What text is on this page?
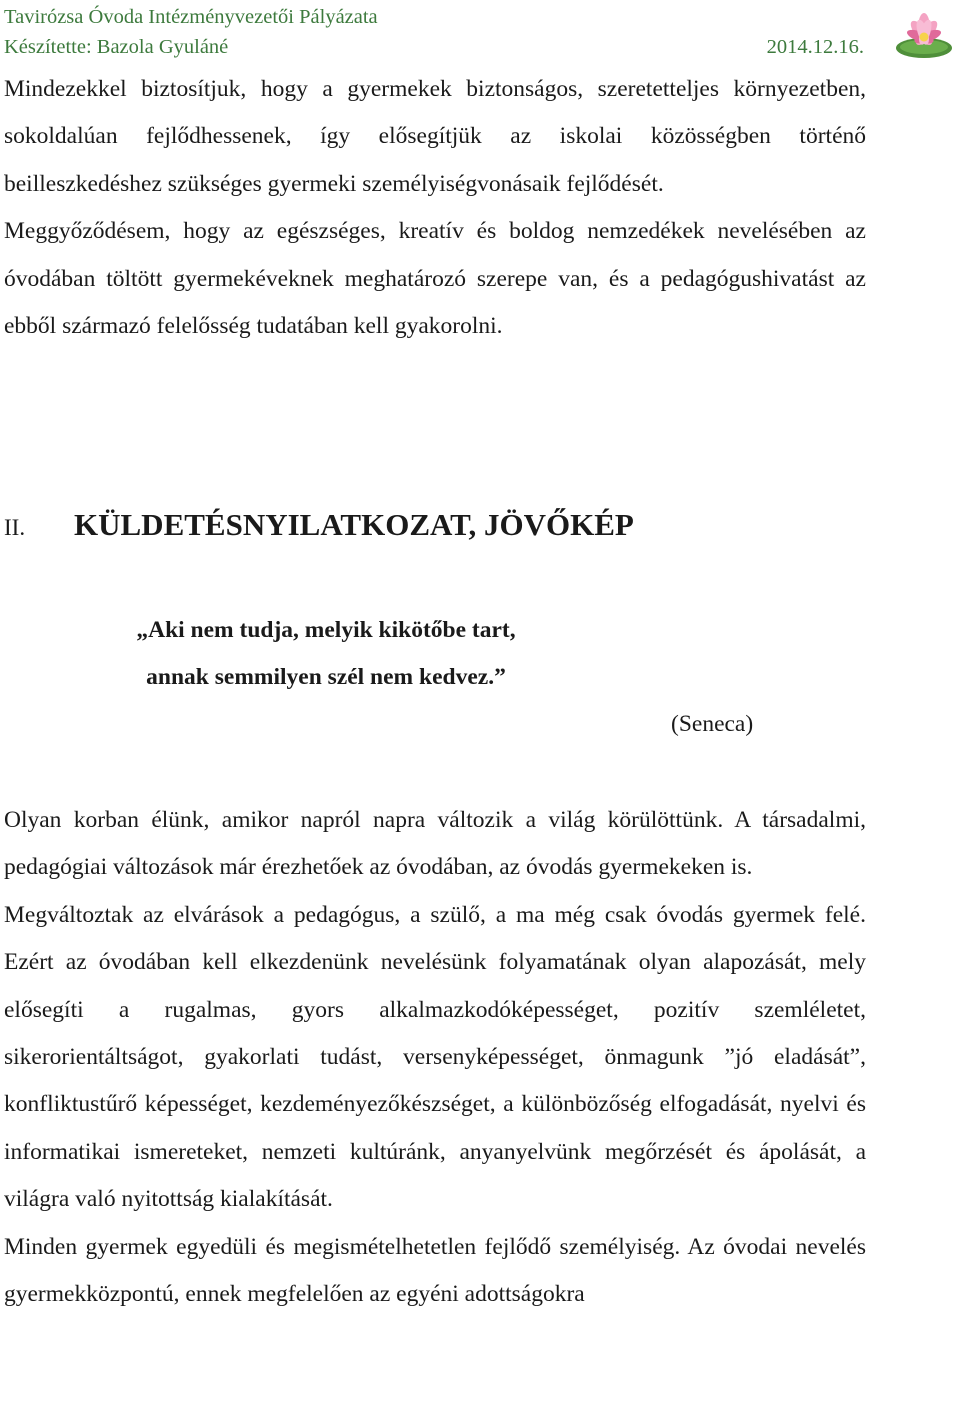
Tavirózsa Óvoda Intézményvezetői Pályázata
Készítette: Bazola Gyuláné	2014.12.16.

Mindezekkel biztosítjuk, hogy a gyermekek biztonságos, szeretetteljes környezetben, sokoldalúan fejlődhessenek, így elősegítjük az iskolai közösségben történő beilleszkedéshez szükséges gyermeki személyiségvonásaik fejlődését.

Meggyőződésem, hogy az egészséges, kreatív és boldog nemzedékek nevelésében az óvodában töltött gyermekéveknek meghatározó szerepe van, és a pedagógushivatást az ebből származó felelősség tudatában kell gyakorolni.

II. KÜLDETÉSNYILATKOZAT, JÖVŐKÉP
„Aki nem tudja, melyik kikötőbe tart,
annak semmilyen szél nem kedvez.”
(Seneca)

Olyan korban élünk, amikor napról napra változik a világ körülöttünk. A társadalmi, pedagógiai változások már érezhetőek az óvodában, az óvodás gyermekeken is.

Megváltoztak az elvárások a pedagógus, a szülő, a ma még csak óvodás gyermek felé. Ezért az óvodában kell elkezdenünk nevelésünk folyamatának olyan alapozását, mely elősegíti a rugalmas, gyors alkalmazkodóképességet, pozitív szemléletet, sikerorientáltságot, gyakorlati tudást, versenyképességet, önmagunk ”jó eladását”, konfliktustűrő képességet, kezdeményezőkészséget, a különbözőség elfogadását, nyelvi és informatikai ismereteket, nemzeti kultúránk, anyanyelvünk megőrzését és ápolását, a világra való nyitottság kialakítását.

Minden gyermek egyedüli és megismételhetetlen fejlődő személyiség. Az óvodai nevelés gyermekközpontú, ennek megfelelően az egyéni adottságokra
